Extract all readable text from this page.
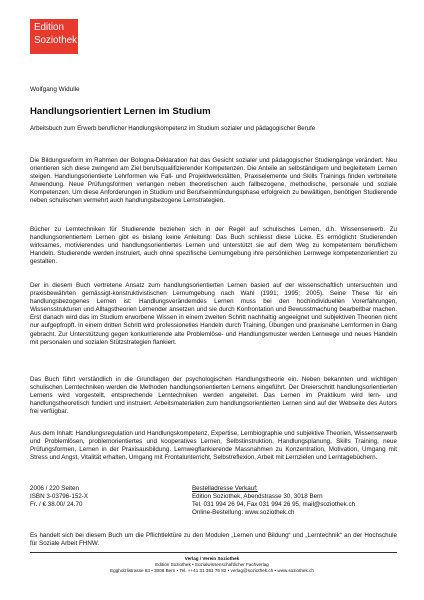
Edition
Soziothek
Wolfgang Widulle
Handlungsorientiert Lernen im Studium
Arbeitsbuch zum Erwerb beruflicher Handlungskompetenz im Studium sozialer und pädagogischer Berufe

Die Bildungsreform im Rahmen der Bologna-Deklaration hat das Gesicht sozialer und pädagogischer Studiengänge verändert. Neu orientieren sich diese zwingend am Ziel berufsqualifizierender Kompetenzen. Die Anteile an selbständigem und begleitetem Lernen steigen. Handlungsorientierte Lehrformen wie Fall- und Projektwerkstätten, Praxiselemente und Skills Trainings finden verbreitete Anwendung. Neue Prüfungsformen verlangen neben theoretischen auch fallbezogene, methodische, personale und soziale Kompetenzen. Um diese Anforderungen in Studium und Berufseinmündungsphase erfolgreich zu bewältigen, benötigen Studierende neben schulischen vermehrt auch handlungsbezogene Lernstrategien.

Bücher zu Lerntechniken für Studierende beziehen sich in der Regel auf schulisches Lernen, d.h. Wissenserwerb. Zu handlungsorientiertem Lernen gibt es bislang keine Anleitung: Das Buch schliesst diese Lücke. Es ermöglicht Studierenden wirksames, motivierendes und handlungsorientiertes Lernen und unterstützt sie auf dem Weg zu kompetentem beruflichem Handeln. Studierende werden instruiert, auch ohne spezifische Lernumgebung ihre persönlichen Lernwege kompetenzorientiert zu gestalten.

Der in diesem Buch vertretene Ansatz zum handlungsorientierten Lernen basiert auf der wissenschaftlich untersuchten und praxisbewährten gemässigt-konstruktivistischen Lernumgebung nach Wahl (1991; 1995; 2005). Seine These für ein handlungsbezogenes Lernen ist: Handlungsverändemdes Lernen muss bei den hochindividuellen Vorerfahrungen, Wissensstrukturen und Alltagstheorien Lernender ansetzen und sie durch Konfrontation und Bewusstmachung bearbeitbar machen. Erst danach wird das im Studium erworbene Wissen in einem zweiten Schritt nachhaltig angeeignet und subjektiven Theorien nicht nur aufgepfropft. In einem dritten Schritt wird professionelles Handeln durch Training, Übungen und praxisnahe Lernformen in Gang gebracht. Zur Unterstützung gegen konkurrierende alte Problemlöse- und Handlungsmuster werden Lernwege und neues Handeln mit personalen und sozialen Stützstrategien flankiert.

Das Buch führt verständlich in die Grundlagen der psychologischen Handlungstheorie ein. Neben bekannten und wichtigen schulischen Lerntechniken werden die Methoden handlungsorientierten Lernens eingeführt. Der Dreierschritt handlungsorientierten Lernens wird vorgestellt, entsprechende Lerntechniken werden angeleitet. Das Lernen im Praktikum wird lern- und handlungstheoretisch fundiert und instruiert. Arbeitsmaterialien zum handlungsorientierten Lernen sind auf der Webseite des Autors frei verfügbar.

Aus dem Inhalt: Handlungsregulation und Handlungskompetenz, Expertise, Lernbiographie und subjektive Theorien, Wissenserwerb und Problemlösen, problemorientiertes und kooperatives Lernen, Selbstinstruktion, Handlungsplanung, Skills Training, neue Prüfungsformen, Lernen in der Praxisausbildung. Lernwegflankierende Massnahmen zu Konzentration, Motivation, Umgang mit Stress und Angst, Vitalität erhalten, Umgang mit Frontalunterricht, Selbstreflexion, Arbeit mit Lernzielen und Lerntagebüchern.

2006 / 220 Seiten
ISBN 3-03796-152-X
Fr. / € 38.00/ 24.70
Bestelladresse Verkauf:
Edition Soziothek, Abendstrasse 30, 3018 Bern
Tel. 031 994 26 94, Fax 031 994 26 95, mail@soziothek.ch
Online-Bestellung: www.soziothek.ch

Es handelt sich bei diesem Buch um die Pflichtlektüre zu den Modulen „Lernen und Bildung“ und „Lerntechnik“ an der Hochschule für Soziale Arbeit FHNW.

Verlag / Verein Soziothek
Edition Soziothek • Sozialwissenschaftlicher Fachverlag
Eggholzlistrasse 63 • 3006 Bern • Tel. ++41 31 351 76 82 • verlag@soziothek.ch • www.soziothek.ch
